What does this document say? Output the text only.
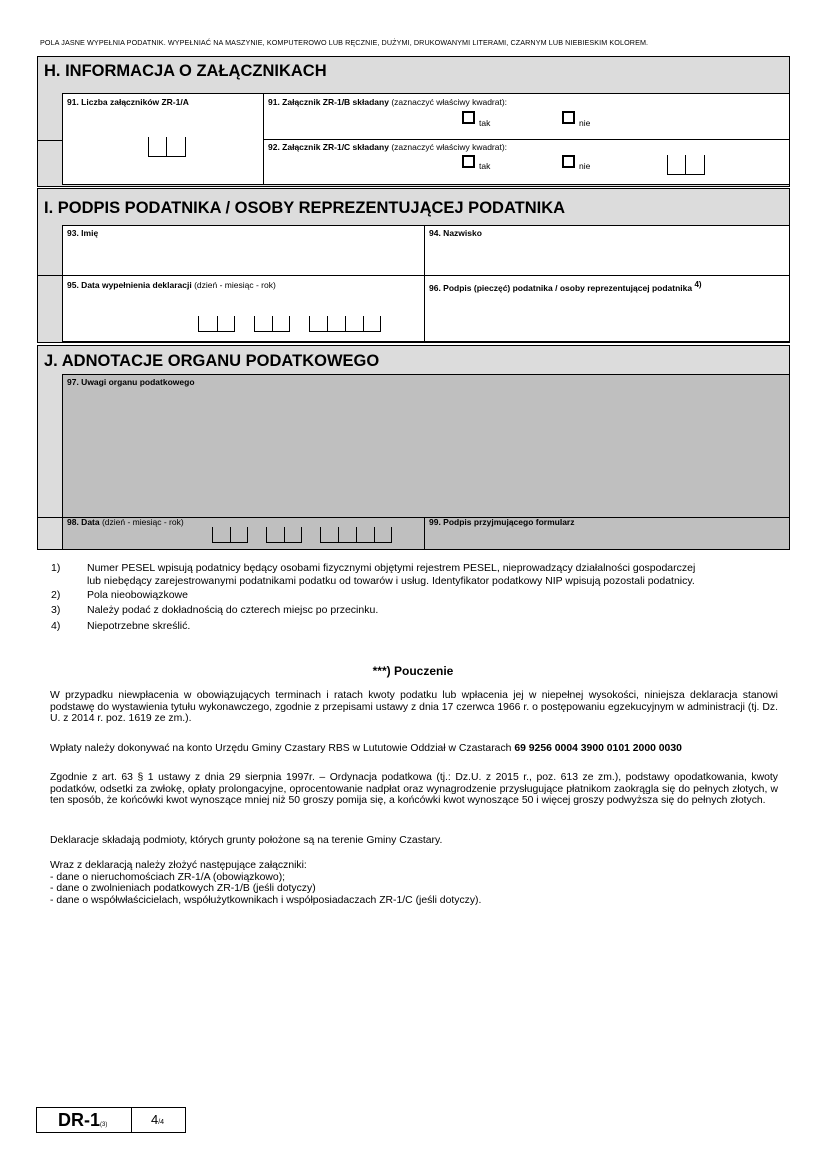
POLA JASNE WYPEŁNIA PODATNIK. WYPEŁNIAĆ NA MASZYNIE, KOMPUTEROWO LUB RĘCZNIE, DUŻYMI, DRUKOWANYMI LITERAMI, CZARNYM LUB NIEBIESKIM KOLOREM.
H. INFORMACJA O ZAŁĄCZNIKACH
91. Liczba załączników ZR-1/A	91. Załącznik ZR-1/B składany (zaznaczyć właściwy kwadrat):
tak	nie
92. Załącznik ZR-1/C składany (zaznaczyć właściwy kwadrat):
tak	nie
I. PODPIS PODATNIKA / OSOBY REPREZENTUJĄCEJ PODATNIKA
93. Imię	94. Nazwisko
95. Data wypełnienia deklaracji (dzień - miesiąc - rok)	96. Podpis (pieczęć) podatnika / osoby reprezentującej podatnika $^{4)}$
J. ADNOTACJE ORGANU PODATKOWEGO
97. Uwagi organu podatkowego
98. Data (dzień - miesiąc - rok)	99. Podpis przyjmującego formularz
1)	Numer PESEL wpisują podatnicy będący osobami fizycznymi objętymi rejestrem PESEL, nieprowadzący działalności gospodarczej
lub niebędący zarejestrowanymi podatnikami podatku od towarów i usług. Identyfikator podatkowy NIP wpisują pozostali podatnicy.
2)	Pola nieobowiązkowe
3)	Należy podać z dokładnością do czterech miejsc po przecinku.
4)	Niepotrzebne skreślić.
***) Pouczenie
W przypadku niewpłacenia w obowiązujących terminach i ratach kwoty podatku lub wpłacenia jej w niepełnej wysokości, niniejsza deklaracja stanowi podstawę do wystawienia tytułu wykonawczego, zgodnie z przepisami ustawy z dnia 17 czerwca 1966 r. o postępowaniu egzekucyjnym w administracji (tj. Dz. U. z 2014 r. poz. 1619 ze zm.).
Wpłaty należy dokonywać na konto Urzędu Gminy Czastary RBS w Lututowie Oddział w Czastarach 69 9256 0004 3900 0101 2000 0030
Zgodnie z art. 63 § 1 ustawy z dnia 29 sierpnia 1997r. – Ordynacja podatkowa (tj.: Dz.U. z 2015 r., poz. 613 ze zm.), podstawy opodatkowania, kwoty podatków, odsetki za zwłokę, opłaty prolongacyjne, oprocentowanie nadpłat oraz wynagrodzenie przysługujące płatnikom zaokrągla się do pełnych złotych, w ten sposób, że końcówki kwot wynoszące mniej niż 50 groszy pomija się, a końcówki kwot wynoszące 50 i więcej groszy podwyższa się do pełnych złotych.
Deklaracje składają podmioty, których grunty położone są na terenie Gminy Czastary.
Wraz z deklaracją należy złożyć następujące załączniki:
- dane o nieruchomościach ZR-1/A (obowiązkowo);
- dane o zwolnieniach podatkowych ZR-1/B (jeśli dotyczy)
- dane o współwłaścicielach, współużytkownikach i współposiadaczach ZR-1/C (jeśli dotyczy).
DR-1(3)	4/4
